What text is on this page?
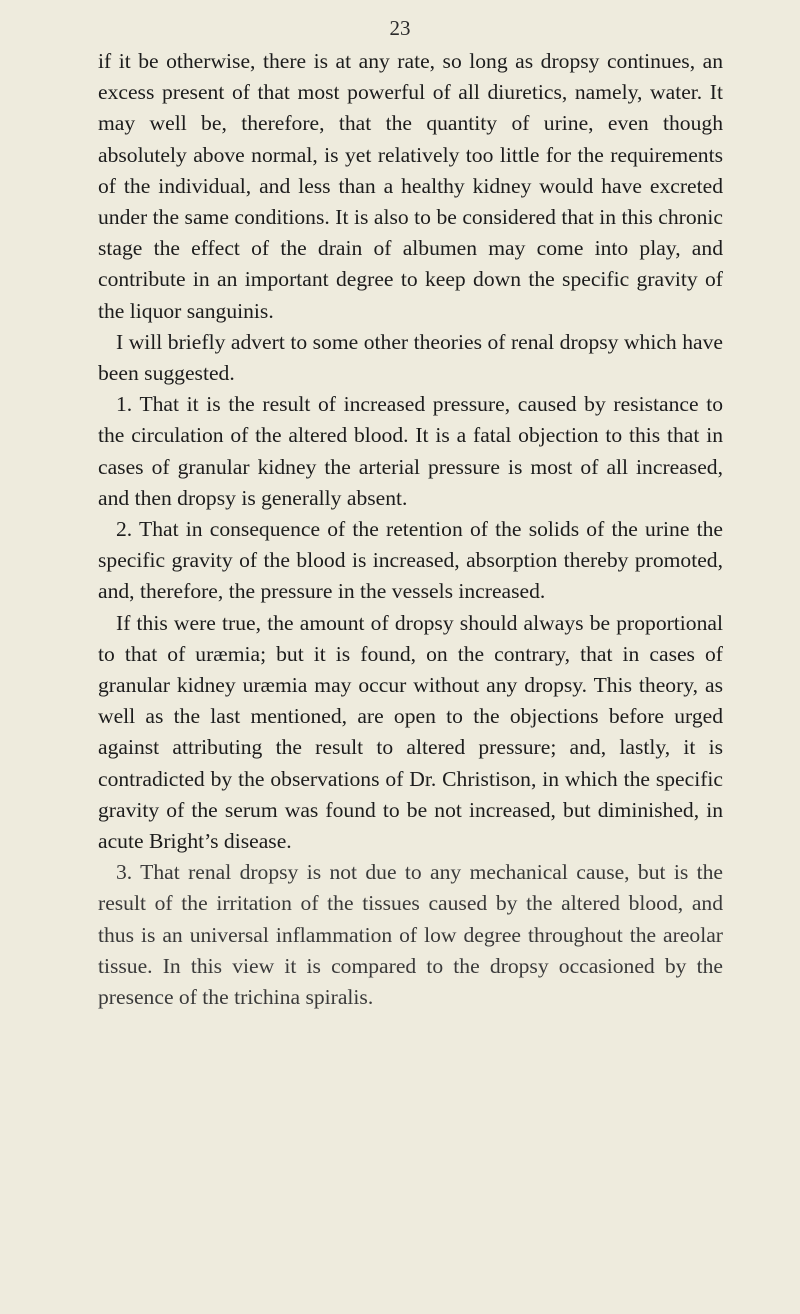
23

if it be otherwise, there is at any rate, so long as dropsy continues, an excess present of that most powerful of all diuretics, namely, water. It may well be, therefore, that the quantity of urine, even though absolutely above normal, is yet relatively too little for the requirements of the individual, and less than a healthy kidney would have excreted under the same conditions. It is also to be considered that in this chronic stage the effect of the drain of albumen may come into play, and contribute in an important degree to keep down the specific gravity of the liquor sanguinis.

I will briefly advert to some other theories of renal dropsy which have been suggested.

1. That it is the result of increased pressure, caused by resistance to the circulation of the altered blood. It is a fatal objection to this that in cases of granular kidney the arterial pressure is most of all increased, and then dropsy is generally absent.

2. That in consequence of the retention of the solids of the urine the specific gravity of the blood is increased, absorption thereby promoted, and, therefore, the pressure in the vessels increased.

If this were true, the amount of dropsy should always be proportional to that of uræmia; but it is found, on the contrary, that in cases of granular kidney uræmia may occur without any dropsy. This theory, as well as the last mentioned, are open to the objections before urged against attributing the result to altered pressure; and, lastly, it is contradicted by the observations of Dr. Christison, in which the specific gravity of the serum was found to be not increased, but diminished, in acute Bright’s disease.

3. That renal dropsy is not due to any mechanical cause, but is the result of the irritation of the tissues caused by the altered blood, and thus is an universal inflammation of low degree throughout the areolar tissue. In this view it is compared to the dropsy occasioned by the presence of the trichina spiralis.
